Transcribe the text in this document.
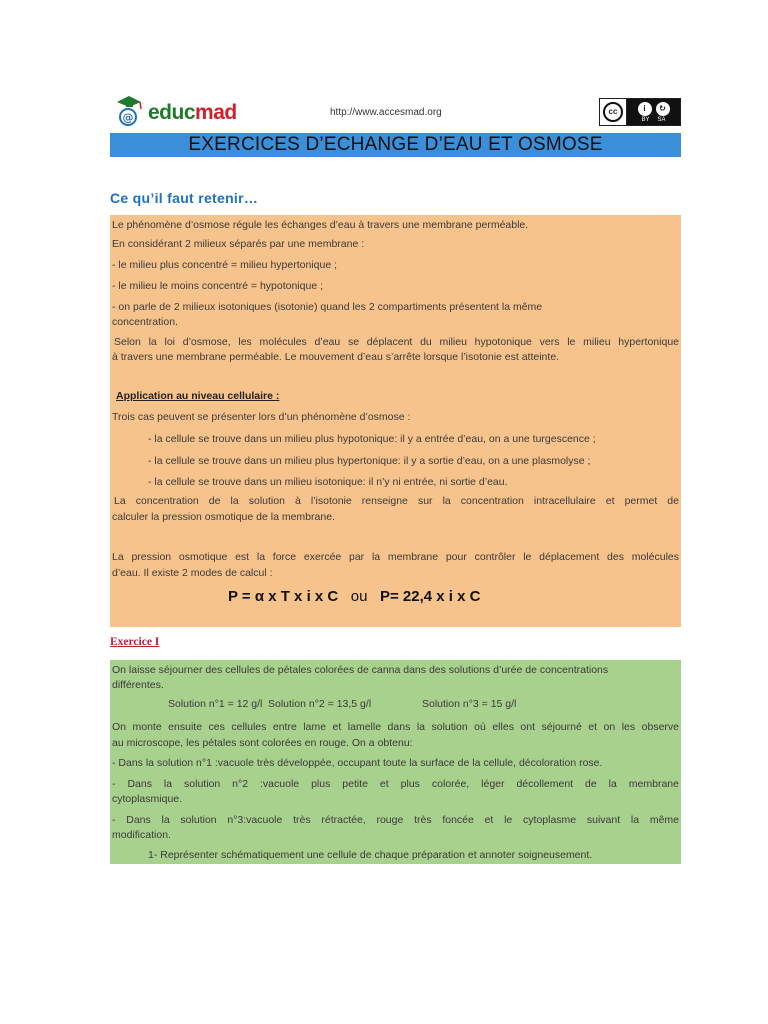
@ educmad	http://www.accesmad.org	cc	i	↻
BY SA
EXERCICES D’ECHANGE D’EAU ET OSMOSE
Ce qu’il faut retenir…
Le phénomène d’osmose régule les échanges d’eau à travers une membrane perméable.
En considérant 2 milieux séparés par une membrane :
- le milieu plus concentré = milieu hypertonique ;
- le milieu le moins concentré = hypotonique ;
- on parle de 2 milieux isotoniques (isotonie) quand les 2 compartiments présentent la même
concentration.
Selon la loi d’osmose, les molécules d’eau se déplacent du milieu hypotonique vers le milieu hypertonique
à travers une membrane perméable. Le mouvement d’eau s’arrête lorsque l’isotonie est atteinte.
Application au niveau cellulaire :
Trois cas peuvent se présenter lors d’un phénomène d’osmose :
- la cellule se trouve dans un milieu plus hypotonique: il y a entrée d’eau, on a une turgescence ;
- la cellule se trouve dans un milieu plus hypertonique: il y a sortie d’eau, on a une plasmolyse ;
- la cellule se trouve dans un milieu isotonique: il n’y ni entrée, ni sortie d’eau.
La concentration de la solution à l’isotonie renseigne sur la concentration intracellulaire et permet de
calculer la pression osmotique de la membrane.
La pression osmotique est la force exercée par la membrane pour contrôler le déplacement des molécules
d’eau. Il existe 2 modes de calcul :
P = α x T x i x C ou P= 22,4 x i x C
Exercice I
On laisse séjourner des cellules de pétales colorées de canna dans des solutions d’urée de concentrations
différentes.
Solution n°1 = 12 g/l Solution n°2 = 13,5 g/l	Solution n°3 = 15 g/l
On monte ensuite ces cellules entre lame et lamelle dans la solution où elles ont séjourné et on les observe
au microscope, les pétales sont colorées en rouge. On a obtenu:
- Dans la solution n°1 :vacuole très développée, occupant toute la surface de la cellule, décoloration rose.
- Dans la solution n°2 :vacuole plus petite et plus colorée, léger décollement de la membrane
cytoplasmique.
- Dans la solution n°3:vacuole très rétractée, rouge très foncée et le cytoplasme suivant la même
modification.
1- Représenter schématiquement une cellule de chaque préparation et annoter soigneusement.
